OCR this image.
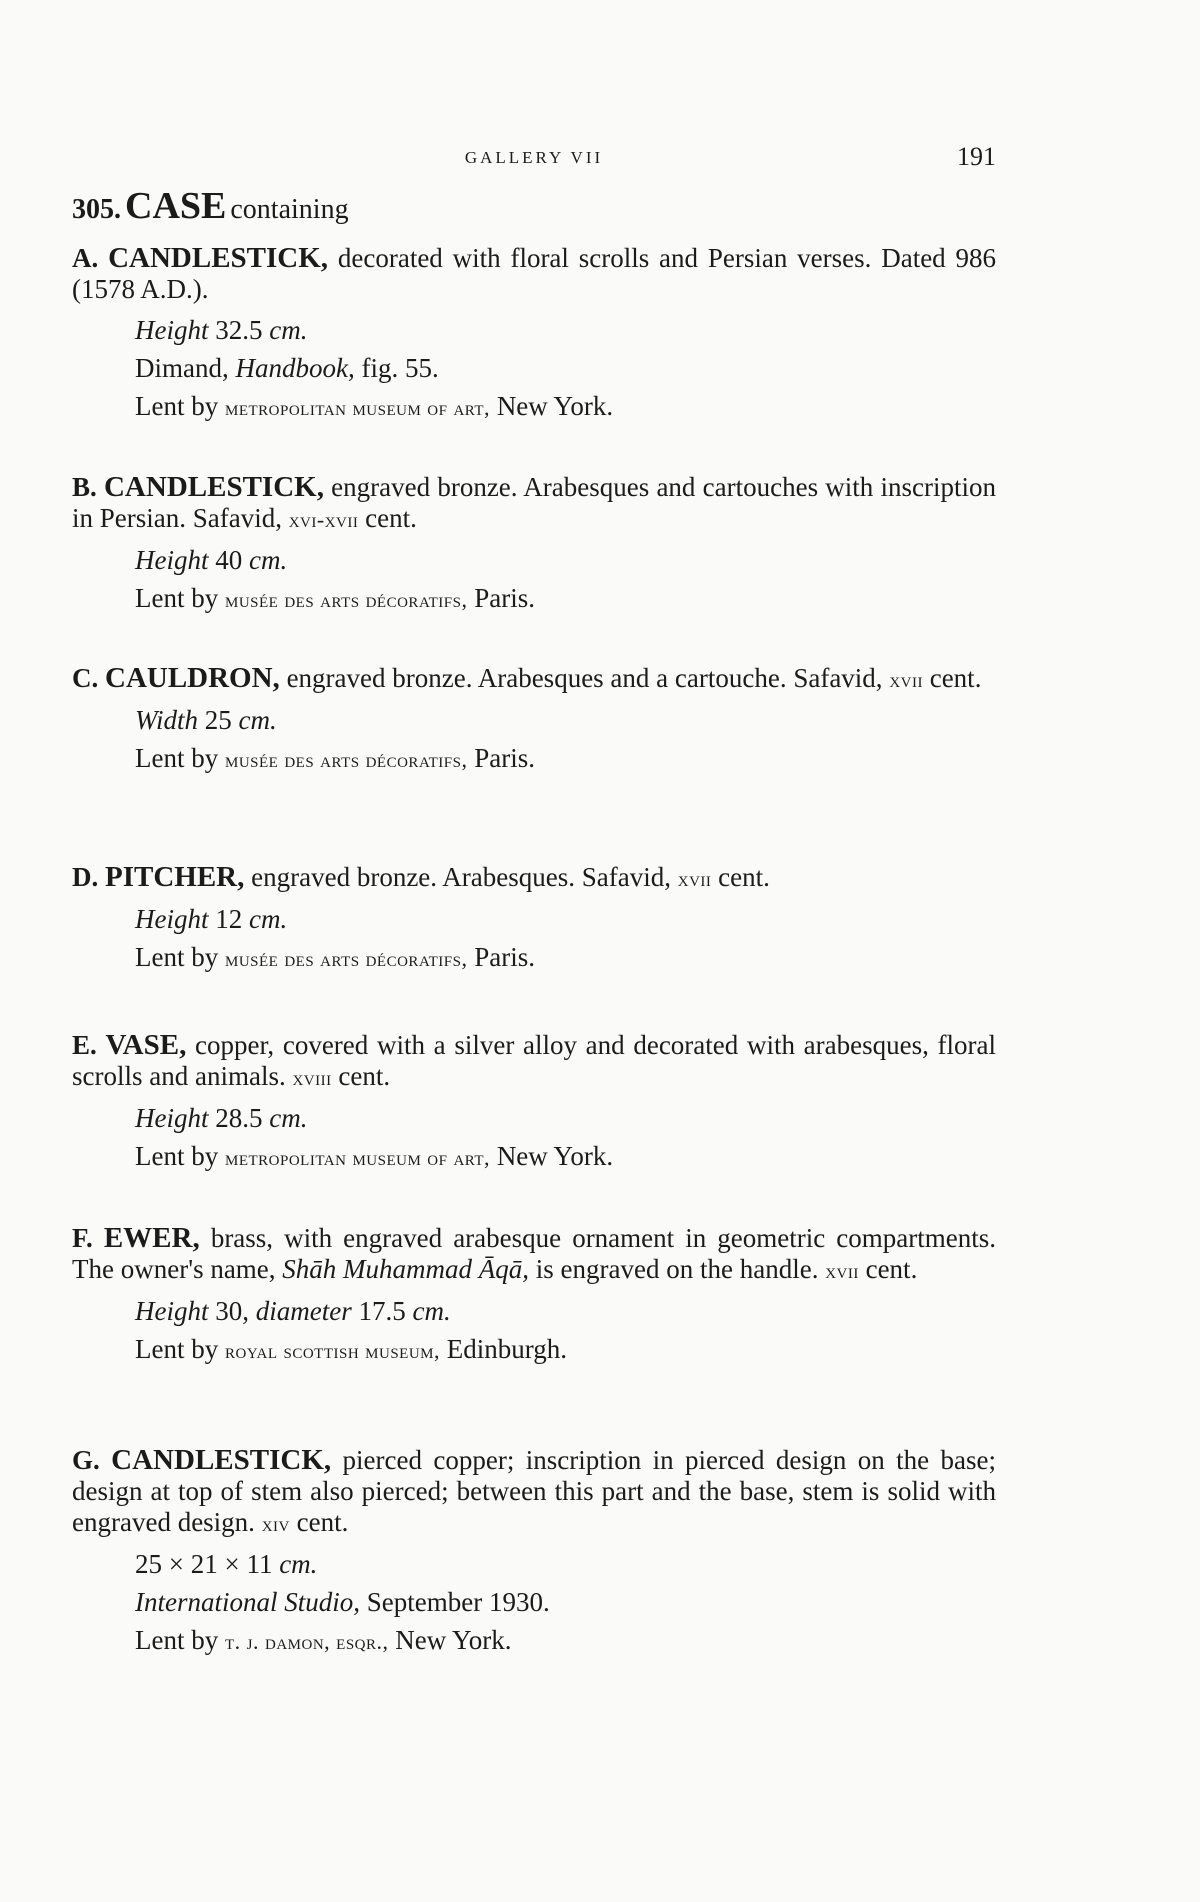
GALLERY VII	191
305. CASE containing

A. CANDLESTICK, decorated with floral scrolls and Persian verses. Dated 986 (1578 A.D.).

Height 32.5 cm.

Dimand, Handbook, fig. 55.

Lent by metropolitan museum of art, New York.

B. CANDLESTICK, engraved bronze. Arabesques and cartouches with inscription in Persian. Safavid, xvi-xvii cent.

Height 40 cm.

Lent by musée des arts décoratifs, Paris.

C. CAULDRON, engraved bronze. Arabesques and a cartouche. Safavid, xvii cent.

Width 25 cm.

Lent by musée des arts décoratifs, Paris.

D. PITCHER, engraved bronze. Arabesques. Safavid, xvii cent.

Height 12 cm.

Lent by musée des arts décoratifs, Paris.

E. VASE, copper, covered with a silver alloy and decorated with arabesques, floral scrolls and animals. xviii cent.

Height 28.5 cm.

Lent by metropolitan museum of art, New York.

F. EWER, brass, with engraved arabesque ornament in geometric compartments. The owner's name, Shāh Muhammad Āqā, is engraved on the handle. xvii cent.

Height 30, diameter 17.5 cm.

Lent by royal scottish museum, Edinburgh.

G. CANDLESTICK, pierced copper; inscription in pierced design on the base; design at top of stem also pierced; between this part and the base, stem is solid with engraved design. xiv cent.

25 × 21 × 11 cm.

International Studio, September 1930.

Lent by t. j. damon, esqr., New York.
